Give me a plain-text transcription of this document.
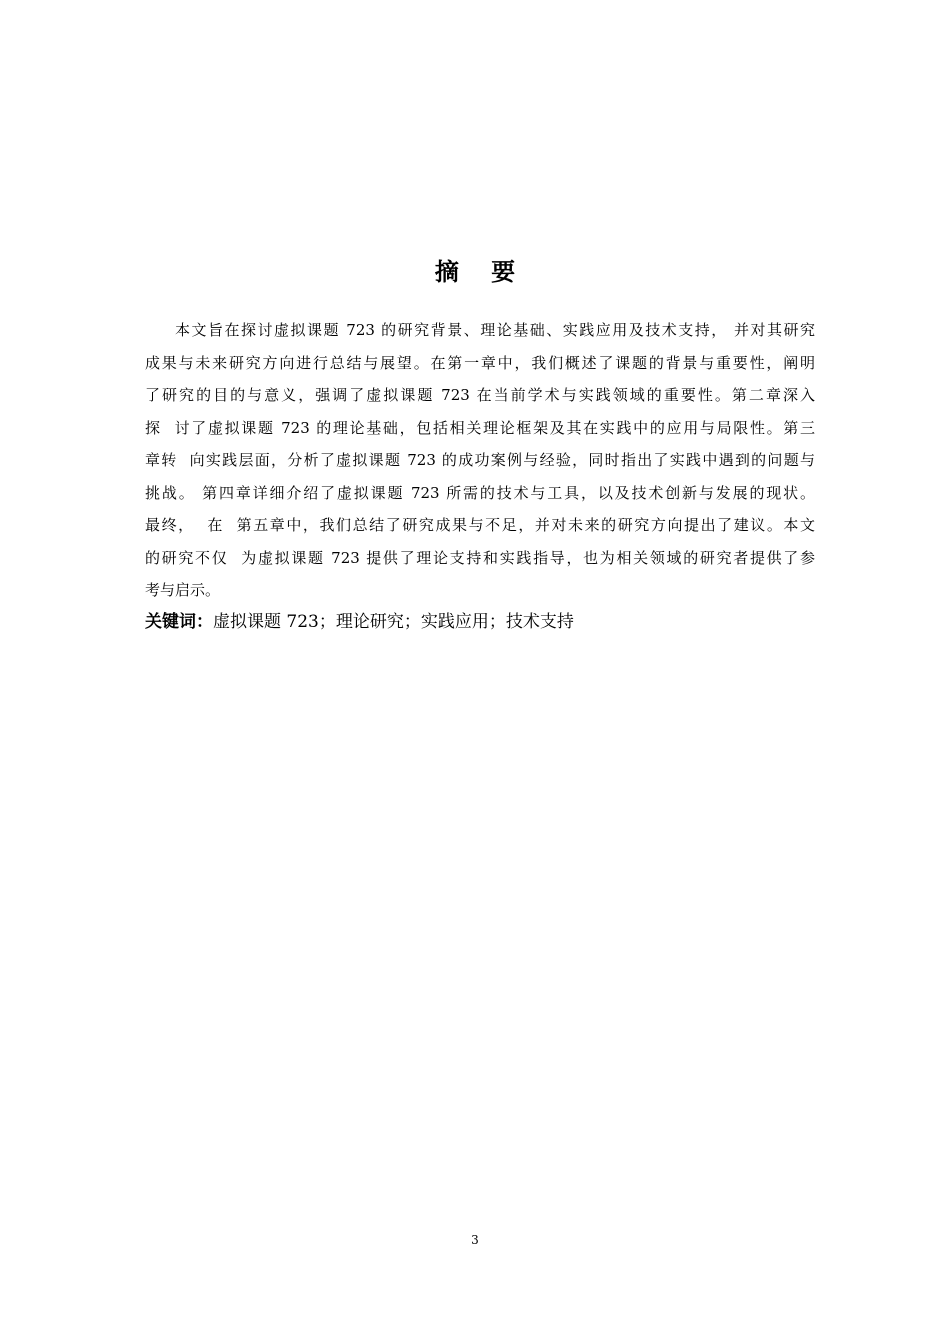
摘 要
本文旨在探讨虚拟课题 723 的研究背景、理论基础、实践应用及技术支持， 并对其研究
成果与未来研究方向进行总结与展望。在第一章中，我们概述了课题的背景与重要性，阐明
了研究的目的与意义，强调了虚拟课题 723 在当前学术与实践领域的重要性。第二章深入
探  讨了虚拟课题 723 的理论基础，包括相关理论框架及其在实践中的应用与局限性。第三
章转  向实践层面，分析了虚拟课题 723 的成功案例与经验，同时指出了实践中遇到的问题与
挑战。 第四章详细介绍了虚拟课题 723 所需的技术与工具，以及技术创新与发展的现状。
最终，  在  第五章中，我们总结了研究成果与不足，并对未来的研究方向提出了建议。本文
的研究不仅  为虚拟课题 723 提供了理论支持和实践指导，也为相关领域的研究者提供了参
考与启示。
关键词：虚拟课题 723；理论研究；实践应用；技术支持
3
